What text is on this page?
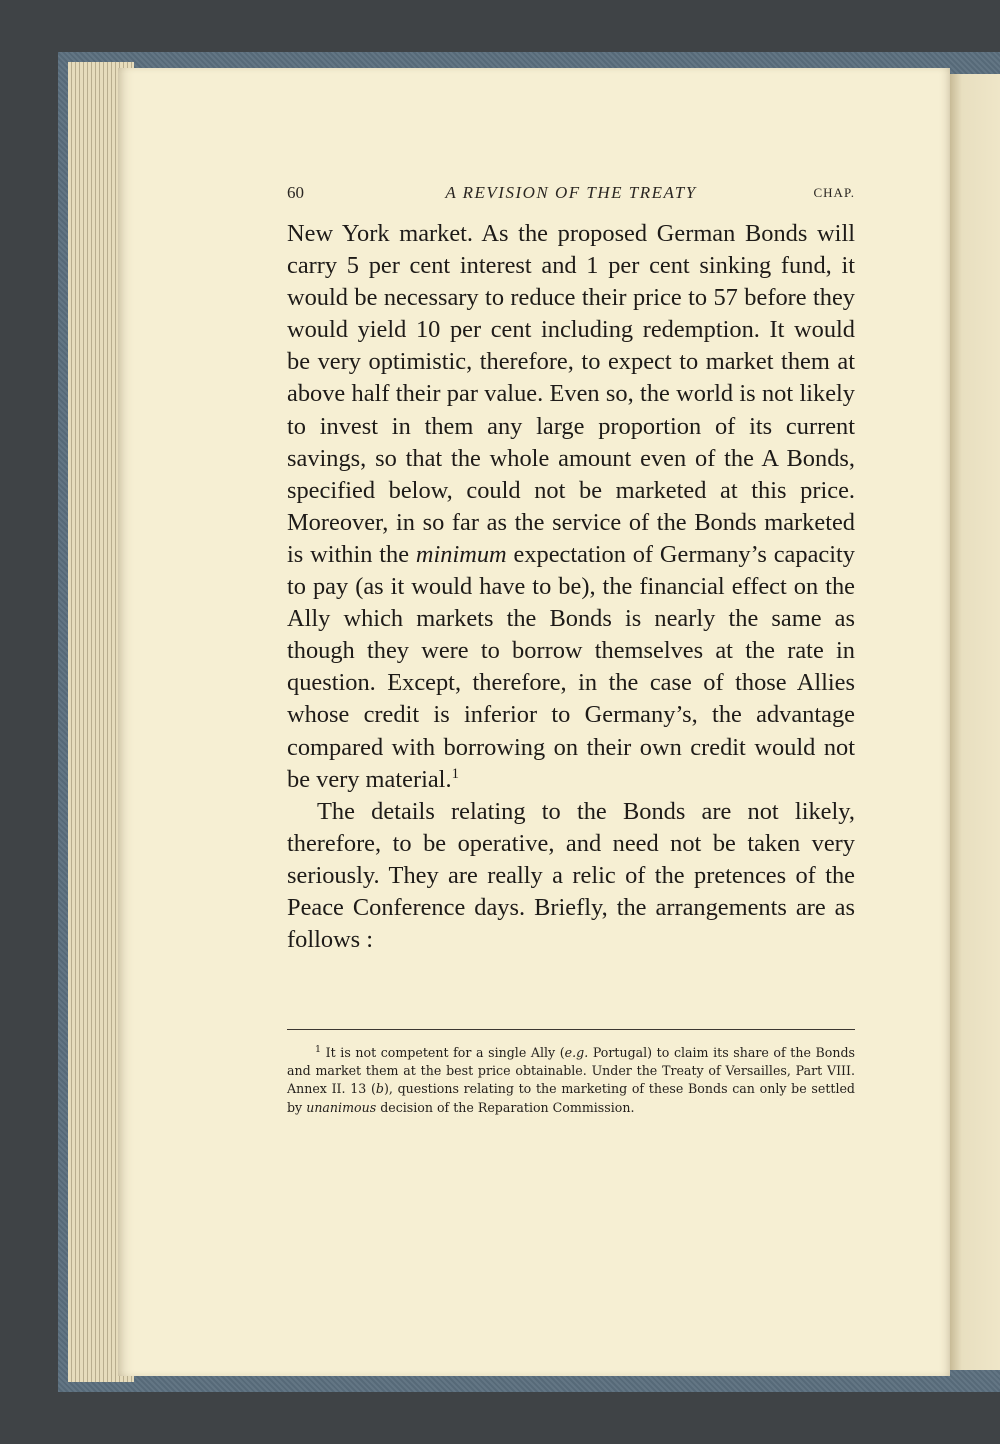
60	A REVISION OF THE TREATY	CHAP.

New York market. As the proposed German Bonds will carry 5 per cent interest and 1 per cent sinking fund, it would be necessary to reduce their price to 57 before they would yield 10 per cent including redemption. It would be very optimistic, therefore, to expect to market them at above half their par value. Even so, the world is not likely to invest in them any large proportion of its current savings, so that the whole amount even of the A Bonds, specified below, could not be marketed at this price. Moreover, in so far as the service of the Bonds marketed is within the minimum expectation of Germany’s capacity to pay (as it would have to be), the financial effect on the Ally which markets the Bonds is nearly the same as though they were to borrow themselves at the rate in question. Except, therefore, in the case of those Allies whose credit is inferior to Germany’s, the advantage compared with borrowing on their own credit would not be very material.$^1$

The details relating to the Bonds are not likely, therefore, to be operative, and need not be taken very seriously. They are really a relic of the pretences of the Peace Conference days. Briefly, the arrangements are as follows :

$^1$ It is not competent for a single Ally (e.g. Portugal) to claim its share of the Bonds and market them at the best price obtainable. Under the Treaty of Versailles, Part VIII. Annex II. 13 (b), questions relating to the marketing of these Bonds can only be settled by unanimous decision of the Reparation Commission.
